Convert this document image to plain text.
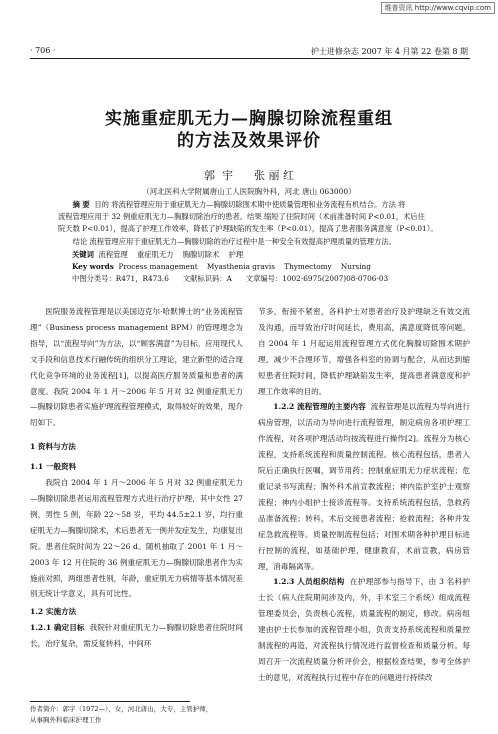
维普资讯 http://www.cqvip.com
· 706 ·	护士进修杂志 2007 年 4 月第 22 卷第 8 期
实施重症肌无力—胸腺切除流程重组
的方法及效果评价
郭  宇      张 丽 红
（河北医科大学附属唐山工人医院胸外科，河北 唐山 063000）

摘 要 目的 将流程管理应用于重症肌无力—胸腺切除围术期中使质量管理和业务流程有机结合。方法 将

流程管理应用于 32 例重症肌无力—胸腺切除治疗的患者。结果 缩短了住院时间（术前准备时间 P<0.01，术后住

院天数 P<0.01），提高了护理工作效率，降低了护理缺陷的发生率（P<0.01），提高了患者服务满意度（P<0.01）。

结论 流程管理应用于重症肌无力—胸腺切除的治疗过程中是一种安全有效提高护理质量的管理方法。

关键词 流程管理    重症肌无力    胸腺切除术    护理
Key words Process management    Myasthenia gravis    Thymectomy    Nursing
中图分类号：R471，R473.6      文献标识码：A      文章编号：1002-6975(2007)08-0706-03

医院服务流程管理是以美国迈克尔·哈默博士的“业务流程管理”（Business process management BPM）的管理理念为指导，以“流程导向”为方法，以“顾客满意”为目标。应用现代人文手段和信息技术行融传统的组织分工理论，建立新型的适合现代化竞争环境的业务流程[1]，以提高医疗服务质量和患者的满意度。我院 2004 年 1 月～2006 年 5 月对 32 例重症肌无力—胸腺切除患者实施护理流程管理模式，取得较好的效果，现介绍如下。

1 资料与方法

1.1 一般资料

我院自 2004 年 1 月～2006 年 5 月对 32 例重症肌无力—胸腺切除患者运用流程管理方式进行治疗护理，其中女性 27 例，男性 5 例，年龄 22～58 岁，平均 44.5±2.1 岁，均行重症肌无力—胸腺切除术，术后患者无一例并发症发生，均康复出院。患者住院时间为 22～26 d。随机抽取了 2001 年 1 月～2003 年 12 月住院的 36 例重症肌无力—胸腺切除患者作为实施前对照，两组患者性别，年龄，重症肌无力病情等基本情况差别无统计学意义，具有可比性。

1.2 实施方法

1.2.1 确定目标 我院针对重症肌无力—胸腺切除患者住院时间长，治疗复杂，需反复转科，中间环

作者简介：郭宇（1972—），女，河北唐山，大专，主管护师，
从事胸外科临床护理工作

节多，衔接不紧密，各科护士对患者治疗及护理缺乏有效交流及沟通，而导致治疗时间延长，费用高，满意度降低等问题。自 2004 年 1 月起运用流程管理方式优化胸腺切除围术期护理，减少不合理环节，增强各科室的协调与配合，从而达到缩短患者住院时间，降低护理缺陷发生率，提高患者满意度和护理工作效率的目的。

1.2.2 流程管理的主要内容 流程管理是以流程为导向进行病房管理，以活动为导向进行流程管理，制定病房各项护理工作流程，对各项护理活动均按流程进行操作[2]。流程分为核心流程，支持系统流程和质量控制流程。核心流程包括，患者入院后正确执行医嘱，调节用药；控制重症肌无力症状流程；危重记录书写流程；胸外科术前宣教流程；神内监护室护士观察流程；神内小组护士接诊流程等。支持系统流程包括，急救药品准备流程；转科，术后交接患者流程；抢救流程；各种并发症急救流程等。质量控制流程包括；对围术期各种护理目标进行控制的流程，如基础护理，健康教育，术前宣教，病房管理，消毒隔离等。

1.2.3 人员组织结构 在护理部参与指导下，由 3 名科护士长（病人住院期间涉及内，外，手术室三个系统）组成流程管理委员会，负责核心流程，质量流程的制定，修改。病房组建由护士长参加的流程管理小组，负责支持系统流程和质量控制流程的再造，对流程执行情况进行监督检查和质量分析。每周召开一次流程质量分析评价会，根据检查结果，参考全体护士的意见，对流程执行过程中存在的问题进行持续改
